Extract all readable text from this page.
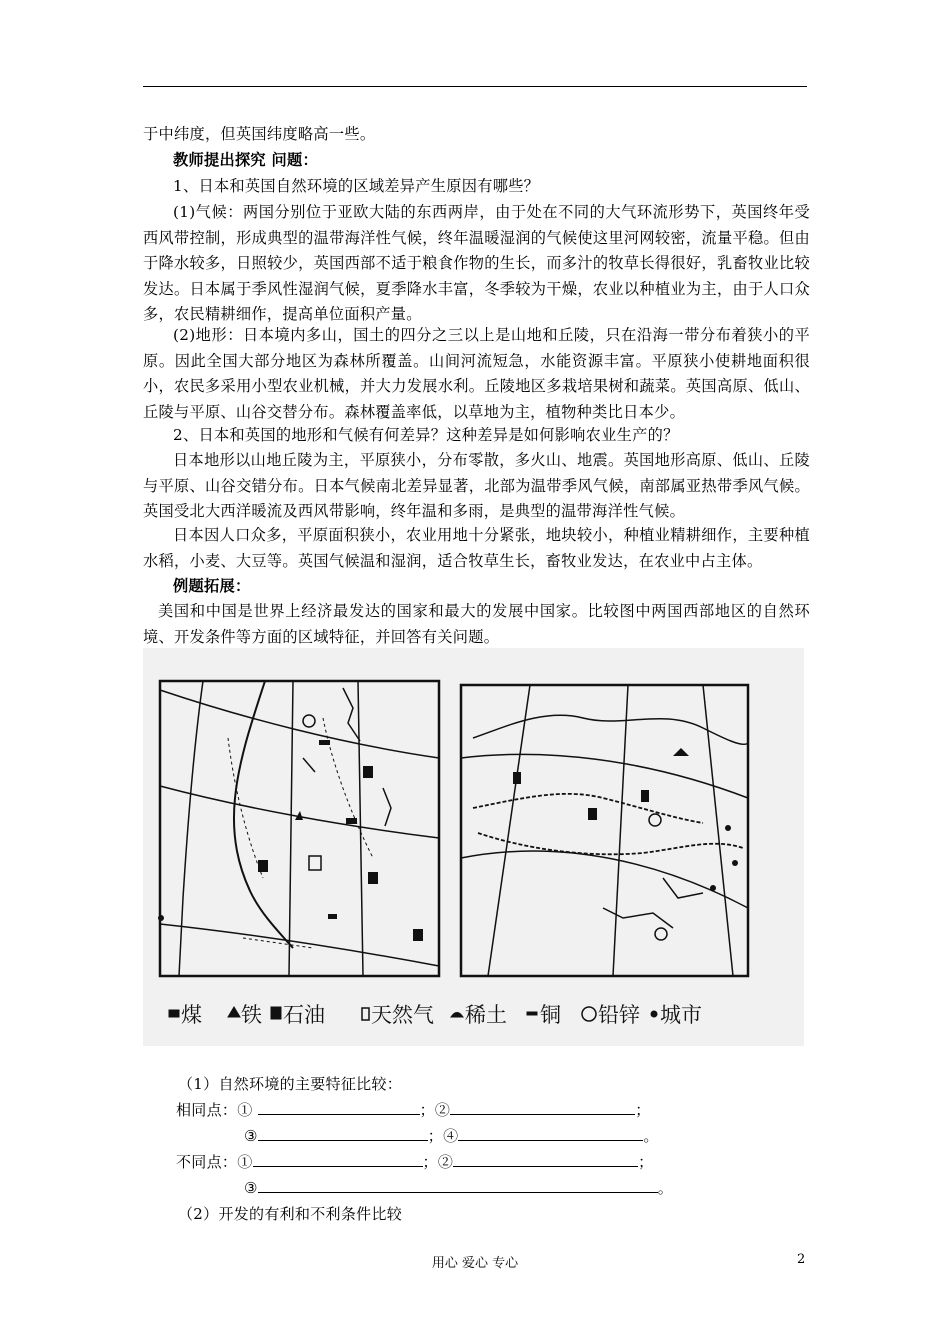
于中纬度，但英国纬度略高一些。

教师提出探究 问题：

1、日本和英国自然环境的区域差异产生原因有哪些？

(1)气候：两国分别位于亚欧大陆的东西两岸，由于处在不同的大气环流形势下，英国终年受西风带控制，形成典型的温带海洋性气候，终年温暖湿润的气候使这里河网较密，流量平稳。但由于降水较多，日照较少，英国西部不适于粮食作物的生长，而多汁的牧草长得很好，乳畜牧业比较发达。日本属于季风性湿润气候，夏季降水丰富，冬季较为干燥，农业以种植业为主，由于人口众多，农民精耕细作，提高单位面积产量。

(2)地形：日本境内多山，国土的四分之三以上是山地和丘陵，只在沿海一带分布着狭小的平原。因此全国大部分地区为森林所覆盖。山间河流短急，水能资源丰富。平原狭小使耕地面积很小，农民多采用小型农业机械，并大力发展水利。丘陵地区多栽培果树和蔬菜。英国高原、低山、丘陵与平原、山谷交替分布。森林覆盖率低，以草地为主，植物种类比日本少。

2、日本和英国的地形和气候有何差异？这种差异是如何影响农业生产的？

日本地形以山地丘陵为主，平原狭小，分布零散，多火山、地震。英国地形高原、低山、丘陵与平原、山谷交错分布。日本气候南北差异显著，北部为温带季风气候，南部属亚热带季风气候。英国受北大西洋暖流及西风带影响，终年温和多雨，是典型的温带海洋性气候。

日本因人口众多，平原面积狭小，农业用地十分紧张，地块较小，种植业精耕细作，主要种植水稻，小麦、大豆等。英国气候温和湿润，适合牧草生长，畜牧业发达，在农业中占主体。

例题拓展：

美国和中国是世界上经济最发达的国家和最大的发展中国家。比较图中两国西部地区的自然环境、开发条件等方面的区域特征，并回答有关问题。

煤 铁 石油 天然气 稀土 铜 铅锌 城市
（1）自然环境的主要特征比较：
相同点：①	；②	；
③	；④	。
不同点：①	；②	；
③	。
（2）开发的有利和不利条件比较
用心 爱心 专心	2
